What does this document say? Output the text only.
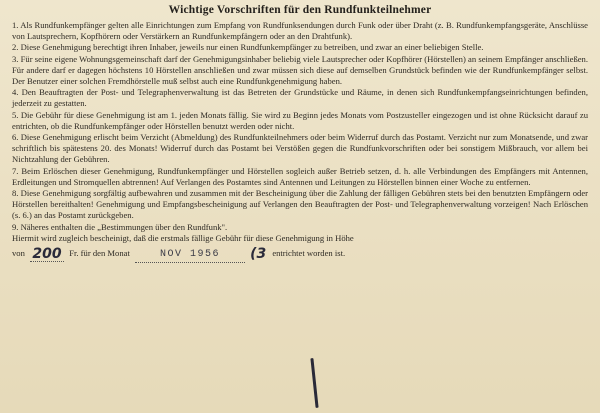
Wichtige Vorschriften für den Rundfunkteilnehmer

1. Als Rundfunkempfänger gelten alle Einrichtungen zum Empfang von Rundfunksendungen durch Funk oder über Draht (z. B. Rundfunkempfangsgeräte, Anschlüsse von Lautsprechern, Kopfhörern oder Verstärkern an Rundfunkempfängern oder an den Drahtfunk).

2. Diese Genehmigung berechtigt ihren Inhaber, jeweils nur einen Rundfunkempfänger zu betreiben, und zwar an einer beliebigen Stelle.

3. Für seine eigene Wohnungsgemeinschaft darf der Genehmigungsinhaber beliebig viele Lautsprecher oder Kopfhörer (Hörstellen) an seinem Empfänger anschließen. Für andere darf er dagegen höchstens 10 Hörstellen anschließen und zwar müssen sich diese auf demselben Grundstück befinden wie der Rundfunkempfänger selbst. Der Benutzer einer solchen Fremdhörstelle muß selbst auch eine Rundfunkgenehmigung haben.

4. Den Beauftragten der Post- und Telegraphenverwaltung ist das Betreten der Grundstücke und Räume, in denen sich Rundfunkempfangseinrichtungen befinden, jederzeit zu gestatten.

5. Die Gebühr für diese Genehmigung ist am 1. jeden Monats fällig. Sie wird zu Beginn jedes Monats vom Postzusteller eingezogen und ist ohne Rücksicht darauf zu entrichten, ob die Rundfunkempfänger oder Hörstellen benutzt werden oder nicht.

6. Diese Genehmigung erlischt beim Verzicht (Abmeldung) des Rundfunkteilnehmers oder beim Widerruf durch das Postamt. Verzicht nur zum Monatsende, und zwar schriftlich bis spätestens 20. des Monats! Widerruf durch das Postamt bei Verstößen gegen die Rundfunkvorschriften oder bei sonstigem Mißbrauch, vor allem bei Nichtzahlung der Gebühren.

7. Beim Erlöschen dieser Genehmigung, Rundfunkempfänger und Hörstellen sogleich außer Betrieb setzen, d. h. alle Verbindungen des Empfängers mit Antennen, Erdleitungen und Stromquellen abtrennen! Auf Verlangen des Postamtes sind Antennen und Leitungen zu Hörstellen binnen einer Woche zu entfernen.

8. Diese Genehmigung sorgfältig aufbewahren und zusammen mit der Bescheinigung über die Zahlung der fälligen Gebühren stets bei den benutzten Empfängern oder Hörstellen bereithalten! Genehmigung und Empfangsbescheinigung auf Verlangen den Beauftragten der Post- und Telegraphenverwaltung vorzeigen! Nach Erlöschen (s. 6.) an das Postamt zurückgeben.

9. Näheres enthalten die „Bestimmungen über den Rundfunk".

Hiermit wird zugleich bescheinigt, daß die erstmals fällige Gebühr für diese Genehmigung in Höhe

von 200 Fr. für den Monat	NOV 1956 (3 entrichtet worden ist.
